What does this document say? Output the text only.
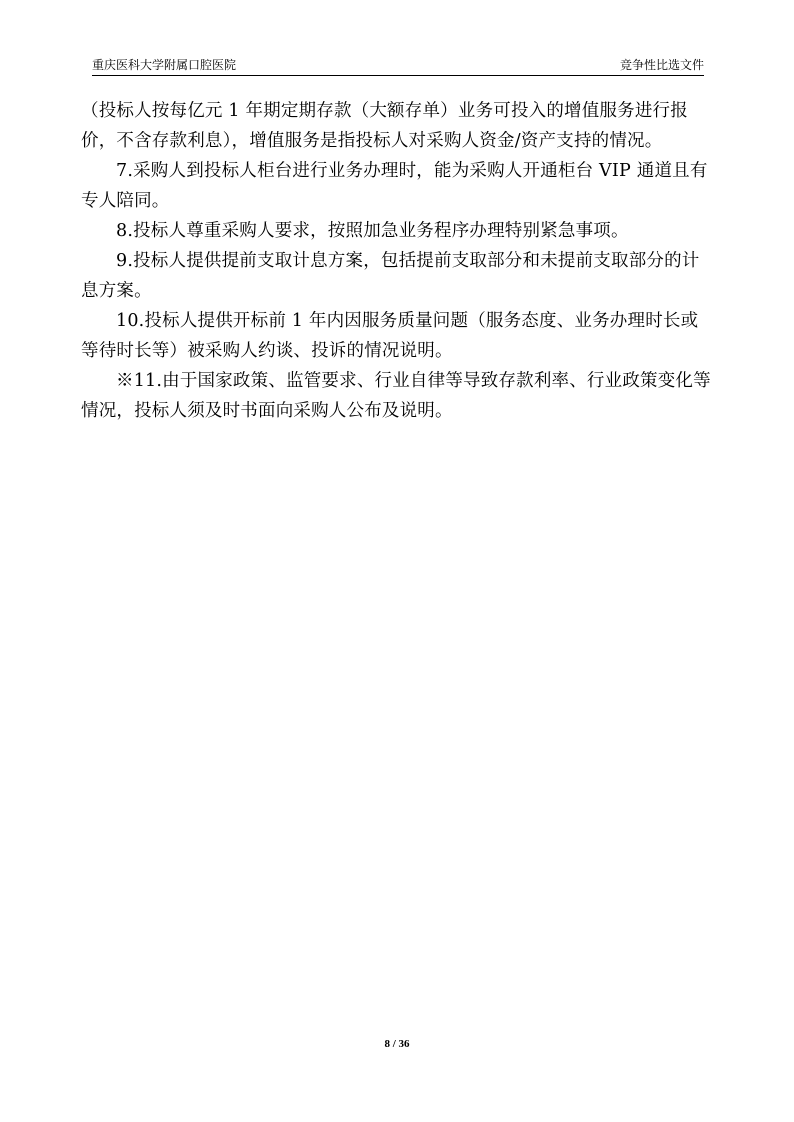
重庆医科大学附属口腔医院	竞争性比选文件

（投标人按每亿元 1 年期定期存款（大额存单）业务可投入的增值服务进行报价，不含存款利息），增值服务是指投标人对采购人资金/资产支持的情况。

7.采购人到投标人柜台进行业务办理时，能为采购人开通柜台 VIP 通道且有专人陪同。

8.投标人尊重采购人要求，按照加急业务程序办理特别紧急事项。

9.投标人提供提前支取计息方案，包括提前支取部分和未提前支取部分的计息方案。

10.投标人提供开标前 1 年内因服务质量问题（服务态度、业务办理时长或等待时长等）被采购人约谈、投诉的情况说明。

※11.由于国家政策、监管要求、行业自律等导致存款利率、行业政策变化等情况，投标人须及时书面向采购人公布及说明。

8 / 36
